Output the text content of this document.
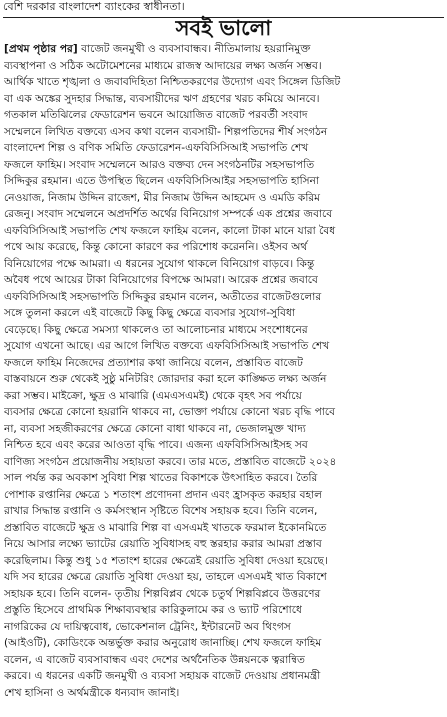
বেশি দরকার বাংলাদেশ ব্যাংকের স্বাধীনতা।
সবই ভালো
[প্রথম পৃষ্ঠার পর] বাজেট জনমুখী ও ব্যবসাবান্ধব। নীতিমালায় হয়রানিমুক্ত
ব্যবস্থাপনা ও সঠিক অটোমেশনের মাধ্যমে রাজস্ব আদায়ের লক্ষ্য অর্জন সম্ভব।
আর্থিক খাতে শৃঙ্খলা ও জবাবদিহিতা নিশ্চিতকরণের উদ্যোগ এবং সিঙ্গেল ডিজিট
বা এক অঙ্কের সুদহার সিদ্ধান্ত, ব্যবসায়ীদের ঋণ গ্রহণের খরচ কমিয়ে আনবে।
গতকাল মতিঝিলের ফেডারেশন ভবনে আয়োজিত বাজেট পরবর্তী সংবাদ
সম্মেলনে লিখিত বক্তব্যে এসব কথা বলেন ব্যবসায়ী- শিল্পপতিদের শীর্ষ সংগঠন
বাংলাদেশ শিল্প ও বণিক সমিতি ফেডারেশন-এফবিসিসিআই সভাপতি শেখ
ফজলে ফাহিম। সংবাদ সম্মেলনে আরও বক্তব্য দেন সংগঠনটির সহসভাপতি
সিদ্দিকুর রহমান। এতে উপস্থিত ছিলেন এফবিসিসিআইর সহসভাপতি হাসিনা
নেওয়াজ, নিজাম উদ্দিন রাজেশ, মীর নিজাম উদ্দিন আহমেদ ও এমডি করিম
রেজনু। সংবাদ সম্মেলনে অপ্রদর্শিত অর্থের বিনিয়োগ সম্পর্কে এক প্রশ্নের জবাবে
এফবিসিসিআই সভাপতি শেখ ফজলে ফাহিম বলেন, কালো টাকা মানে যারা বৈধ
পথে আয় করেছে, কিন্তু কোনো কারণে কর পরিশোধ করেননি। ওইসব অর্থ
বিনিয়োগের পক্ষে আমরা। এ ধরনের সুযোগ থাকলে বিনিয়োগ বাড়বে। কিন্তু
অবৈধ পথে আয়ের টাকা বিনিয়োগের বিপক্ষে আমরা। আরেক প্রশ্নের জবাবে
এফবিসিসিআই সহসভাপতি সিদ্দিকুর রহমান বলেন, অতীতের বাজেটগুলোর
সঙ্গে তুলনা করলে এই বাজেটে কিছু কিছু ক্ষেত্রে ব্যবসার সুযোগ-সুবিধা
বেড়েছে। কিছু ক্ষেত্রে সমস্যা থাকলেও তা আলোচনার মাধ্যমে সংশোধনের
সুযোগ এখনো আছে। এর আগে লিখিত বক্তব্যে এফবিসিসিআই সভাপতি শেখ
ফজলে ফাহিম নিজেদের প্রত্যাশার কথা জানিয়ে বলেন, প্রস্তাবিত বাজেট
বাস্তবায়নে শুরু থেকেই সুষ্ঠু মনিটরিং জোরদার করা হলে কাঙ্ক্ষিত লক্ষ্য অর্জন
করা সম্ভব। মাইক্রো, ক্ষুদ্র ও মাঝারি (এমএসএমই) থেকে বৃহৎ সব পর্যায়ে
ব্যবসার ক্ষেত্রে কোনো হয়রানি থাকবে না, ভোক্তা পর্যায়ে কোনো খরচ বৃদ্ধি পাবে
না, ব্যবসা সহজীকরণের ক্ষেত্রে কোনো বাধা থাকবে না, ভেজালমুক্ত খাদ্য
নিশ্চিত হবে এবং করের আওতা বৃদ্ধি পাবে। এজন্য এফবিসিসিআইসহ সব
বাণিজ্য সংগঠন প্রয়োজনীয় সহায়তা করবে। তার মতে, প্রস্তাবিত বাজেটে ২০২৪
সাল পর্যন্ত কর অবকাশ সুবিধা শিল্প খাতের বিকাশকে উৎসাহিত করবে। তৈরি
পোশাক রপ্তানির ক্ষেত্রে ১ শতাংশ প্রণোদনা প্রদান এবং হ্রাসকৃত করহার বহাল
রাখার সিদ্ধান্ত রপ্তানি ও কর্মসংস্থান সৃষ্টিতে বিশেষ সহায়ক হবে। তিনি বলেন,
প্রস্তাবিত বাজেটে ক্ষুদ্র ও মাঝারি শিল্প বা এসএমই খাতকে ফরমাল ইকোনমিতে
নিয়ে আসার লক্ষ্যে ভ্যাটের রেয়াতি সুবিধাসহ বহু স্তরহার করার আমরা প্রস্তাব
করেছিলাম। কিন্তু শুধু ১৫ শতাংশ হারের ক্ষেত্রেই রেয়াতি সুবিধা দেওয়া হয়েছে।
যদি সব হারের ক্ষেত্রে রেয়াতি সুবিধা দেওয়া হয়, তাহলে এসএমই খাত বিকাশে
সহায়ক হবে। তিনি বলেন- তৃতীয় শিল্পবিপ্লব থেকে চতুর্থ শিল্পবিপ্লবে উত্তরণের
প্রস্তুতি হিসেবে প্রাথমিক শিক্ষাব্যবস্থার কারিকুলামে কর ও ভ্যাট পরিশোধে
নাগরিকের যে দায়িত্ববোধ, ভোকেশনাল ট্রেনিং, ইন্টারনেট অব থিংগস
(আইওটি), কোডিংকে অন্তর্ভুক্ত করার অনুরোধ জানাচ্ছি। শেখ ফজলে ফাহিম
বলেন, এ বাজেট ব্যবসাবান্ধব এবং দেশের অর্থনৈতিক উন্নয়নকে ত্বরান্বিত
করবে। এ ধরনের একটি জনমুখী ও ব্যবসা সহায়ক বাজেট দেওয়ায় প্রধানমন্ত্রী
শেখ হাসিনা ও অর্থমন্ত্রীকে ধন্যবাদ জানাই।
